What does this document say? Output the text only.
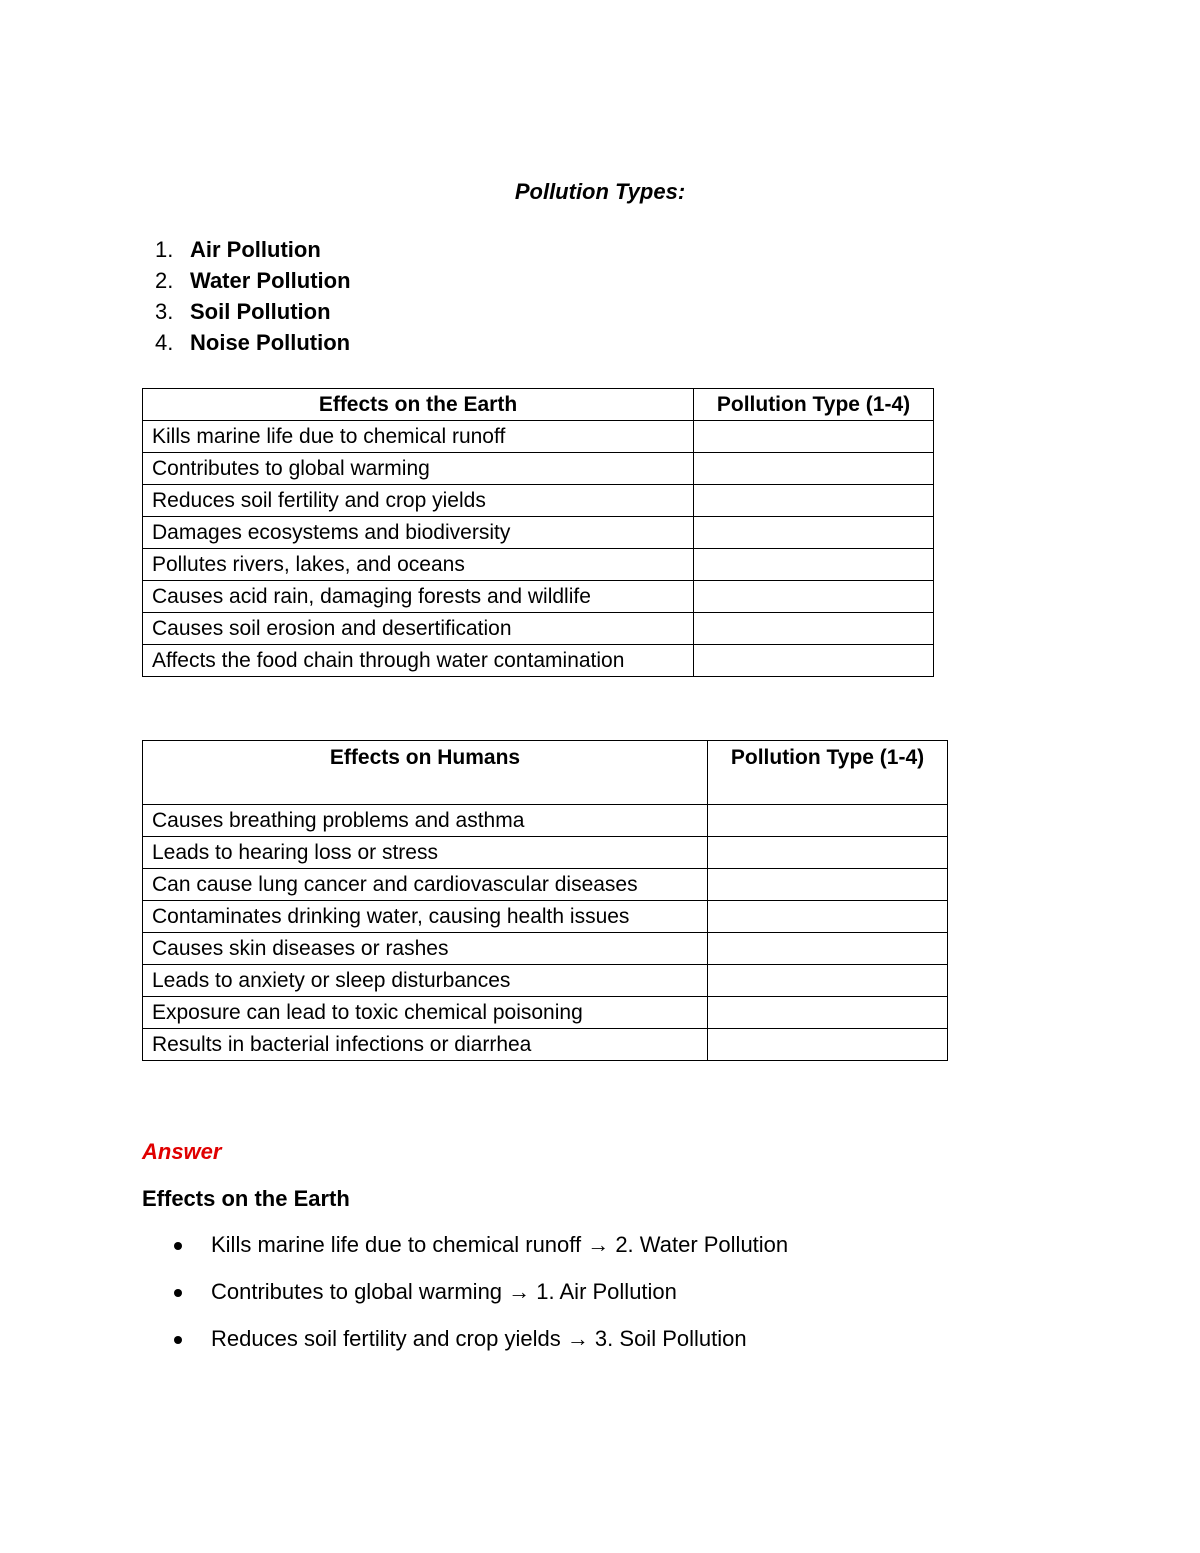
Pollution Types:
1. Air Pollution
2. Water Pollution
3. Soil Pollution
4. Noise Pollution
Effects on the Earth	Pollution Type (1-4)
Kills marine life due to chemical runoff	
Contributes to global warming	
Reduces soil fertility and crop yields	
Damages ecosystems and biodiversity	
Pollutes rivers, lakes, and oceans	
Causes acid rain, damaging forests and wildlife	
Causes soil erosion and desertification	
Affects the food chain through water contamination	
Effects on Humans	Pollution Type (1-4)
Causes breathing problems and asthma	
Leads to hearing loss or stress	
Can cause lung cancer and cardiovascular diseases	
Contaminates drinking water, causing health issues	
Causes skin diseases or rashes	
Leads to anxiety or sleep disturbances	
Exposure can lead to toxic chemical poisoning	
Results in bacterial infections or diarrhea	
Answer
Effects on the Earth
Kills marine life due to chemical runoff → 2. Water Pollution
Contributes to global warming → 1. Air Pollution
Reduces soil fertility and crop yields → 3. Soil Pollution
